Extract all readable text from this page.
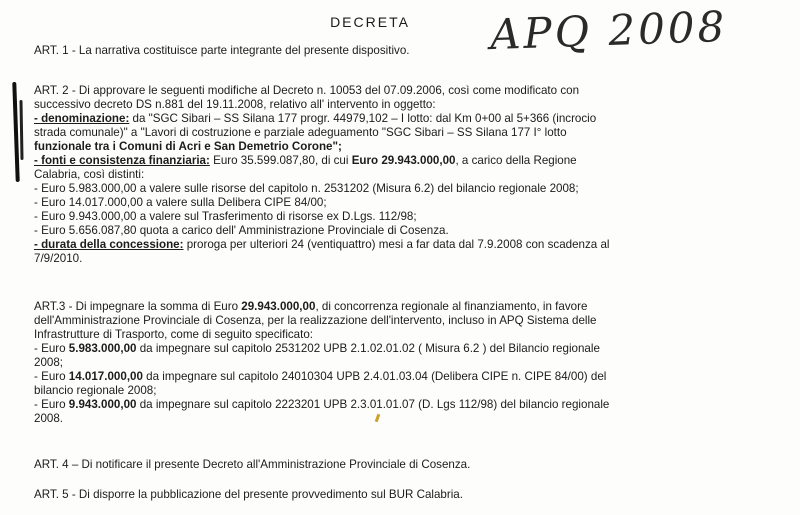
DECRETA	APQ 2008
ART. 1 - La narrativa costituisce parte integrante del presente dispositivo.
ART. 2 - Di approvare le seguenti modifiche al Decreto n. 10053 del 07.09.2006, così come modificato con
successivo decreto DS n.881 del 19.11.2008, relativo all' intervento in oggetto:
- denominazione: da "SGC Sibari – SS Silana 177 progr. 44979,102 – I lotto: dal Km 0+00 al 5+366 (incrocio
strada comunale)" a "Lavori di costruzione e parziale adeguamento "SGC Sibari – SS Silana 177 I° lotto
funzionale tra i Comuni di Acri e San Demetrio Corone";
- fonti e consistenza finanziaria: Euro 35.599.087,80, di cui Euro 29.943.000,00, a carico della Regione
Calabria, così distinti:
- Euro 5.983.000,00 a valere sulle risorse del capitolo n. 2531202 (Misura 6.2) del bilancio regionale 2008;
- Euro 14.017.000,00 a valere sulla Delibera CIPE 84/00;
- Euro 9.943.000,00 a valere sul Trasferimento di risorse ex D.Lgs. 112/98;
- Euro 5.656.087,80 quota a carico dell' Amministrazione Provinciale di Cosenza.
- durata della concessione: proroga per ulteriori 24 (ventiquattro) mesi a far data dal 7.9.2008 con scadenza al
7/9/2010.
ART.3 - Di impegnare la somma di Euro 29.943.000,00, di concorrenza regionale al finanziamento, in favore
dell'Amministrazione Provinciale di Cosenza, per la realizzazione dell'intervento, incluso in APQ Sistema delle
Infrastrutture di Trasporto, come di seguito specificato:
- Euro 5.983.000,00 da impegnare sul capitolo 2531202 UPB 2.1.02.01.02 ( Misura 6.2 ) del Bilancio regionale
2008;
- Euro 14.017.000,00 da impegnare sul capitolo 24010304 UPB 2.4.01.03.04 (Delibera CIPE n. CIPE 84/00) del
bilancio regionale 2008;
- Euro 9.943.000,00 da impegnare sul capitolo 2223201 UPB 2.3.01.01.07 (D. Lgs 112/98) del bilancio regionale
2008.
ART. 4 – Di notificare il presente Decreto all'Amministrazione Provinciale di Cosenza.
ART. 5 - Di disporre la pubblicazione del presente provvedimento sul BUR Calabria.
